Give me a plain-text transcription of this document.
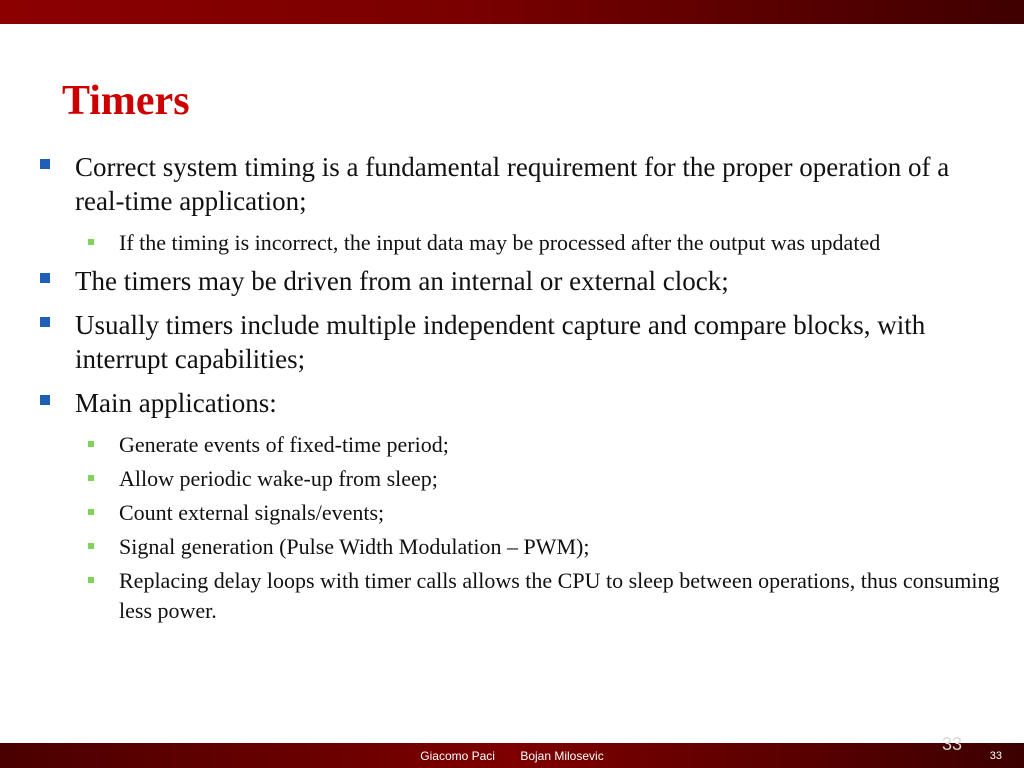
Timers
Correct system timing is a fundamental requirement for the proper operation of a real-time application;
If the timing is incorrect, the input data may be processed after the output was updated
The timers may be driven from an internal or external clock;
Usually timers include multiple independent capture and compare blocks, with interrupt capabilities;
Main applications:
Generate events of fixed-time period;
Allow periodic wake-up from sleep;
Count external signals/events;
Signal generation (Pulse Width Modulation – PWM);
Replacing delay loops with timer calls allows the CPU to sleep between operations, thus consuming less power.
33
Giacomo Paci Bojan Milosevic	33
